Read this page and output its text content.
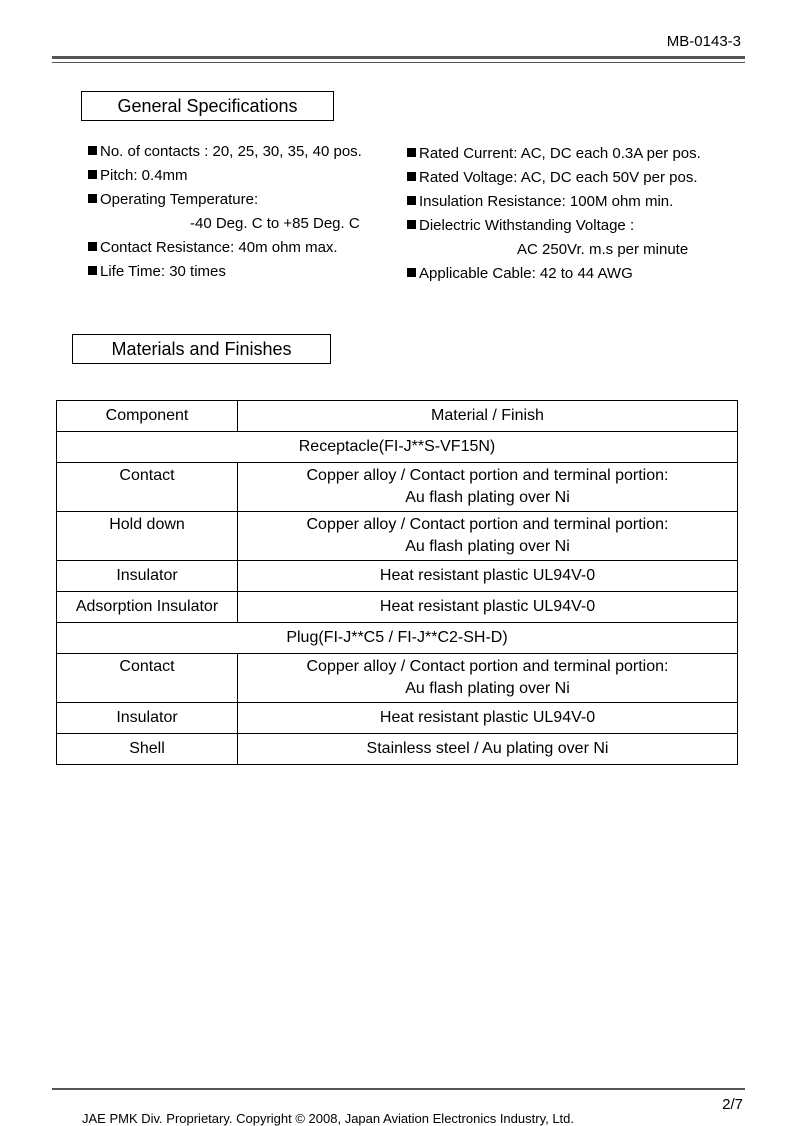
MB-0143-3
General Specifications
No. of contacts : 20, 25, 30, 35, 40 pos.
Pitch: 0.4mm
Operating Temperature:
-40 Deg. C to +85 Deg. C
Contact Resistance: 40m ohm max.
Life Time: 30 times
Rated Current: AC, DC each 0.3A per pos.
Rated Voltage: AC, DC each 50V per pos.
Insulation Resistance: 100M ohm min.
Dielectric Withstanding Voltage :
AC 250Vr. m.s per minute
Applicable Cable: 42 to 44 AWG
Materials and Finishes
Component	Material / Finish
Receptacle(FI-J**S-VF15N)	
Contact	Copper alloy / Contact portion and terminal portion:
Au flash plating over Ni

Hold down	Copper alloy / Contact portion and terminal portion:
Au flash plating over Ni

Insulator	Heat resistant plastic UL94V-0
Adsorption Insulator	Heat resistant plastic UL94V-0
Plug(FI-J**C5 / FI-J**C2-SH-D)	
Contact	Copper alloy / Contact portion and terminal portion:
Au flash plating over Ni

Insulator	Heat resistant plastic UL94V-0
Shell	Stainless steel / Au plating over Ni
2/7
JAE PMK Div. Proprietary. Copyright © 2008, Japan Aviation Electronics Industry, Ltd.
